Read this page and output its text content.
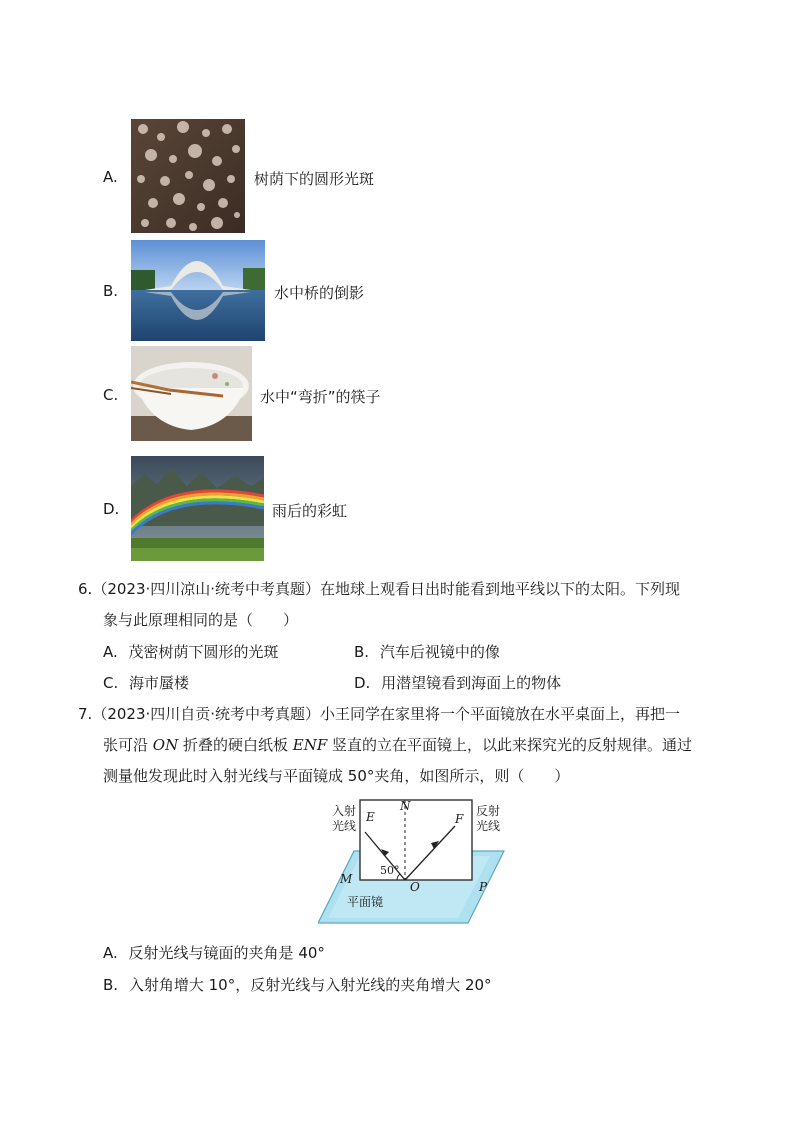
A.	树荫下的圆形光斑
B.	水中桥的倒影
C.	水中“弯折”的筷子
D.	雨后的彩虹
6.（2023·四川凉山·统考中考真题）在地球上观看日出时能看到地平线以下的太阳。下列现
象与此原理相同的是（　　）
A. 茂密树荫下圆形的光斑	B. 汽车后视镜中的像
C. 海市蜃楼	D. 用潜望镜看到海面上的物体
7.（2023·四川自贡·统考中考真题）小王同学在家里将一个平面镜放在水平桌面上，再把一
张可沿 ON 折叠的硬白纸板 ENF 竖直的立在平面镜上，以此来探究光的反射规律。通过
测量他发现此时入射光线与平面镜成 50°夹角，如图所示，则（　　）
入射
光线
反射
光线
E
N
F
M
O	P
50°
平面镜
A. 反射光线与镜面的夹角是 40°
B. 入射角增大 10°，反射光线与入射光线的夹角增大 20°
